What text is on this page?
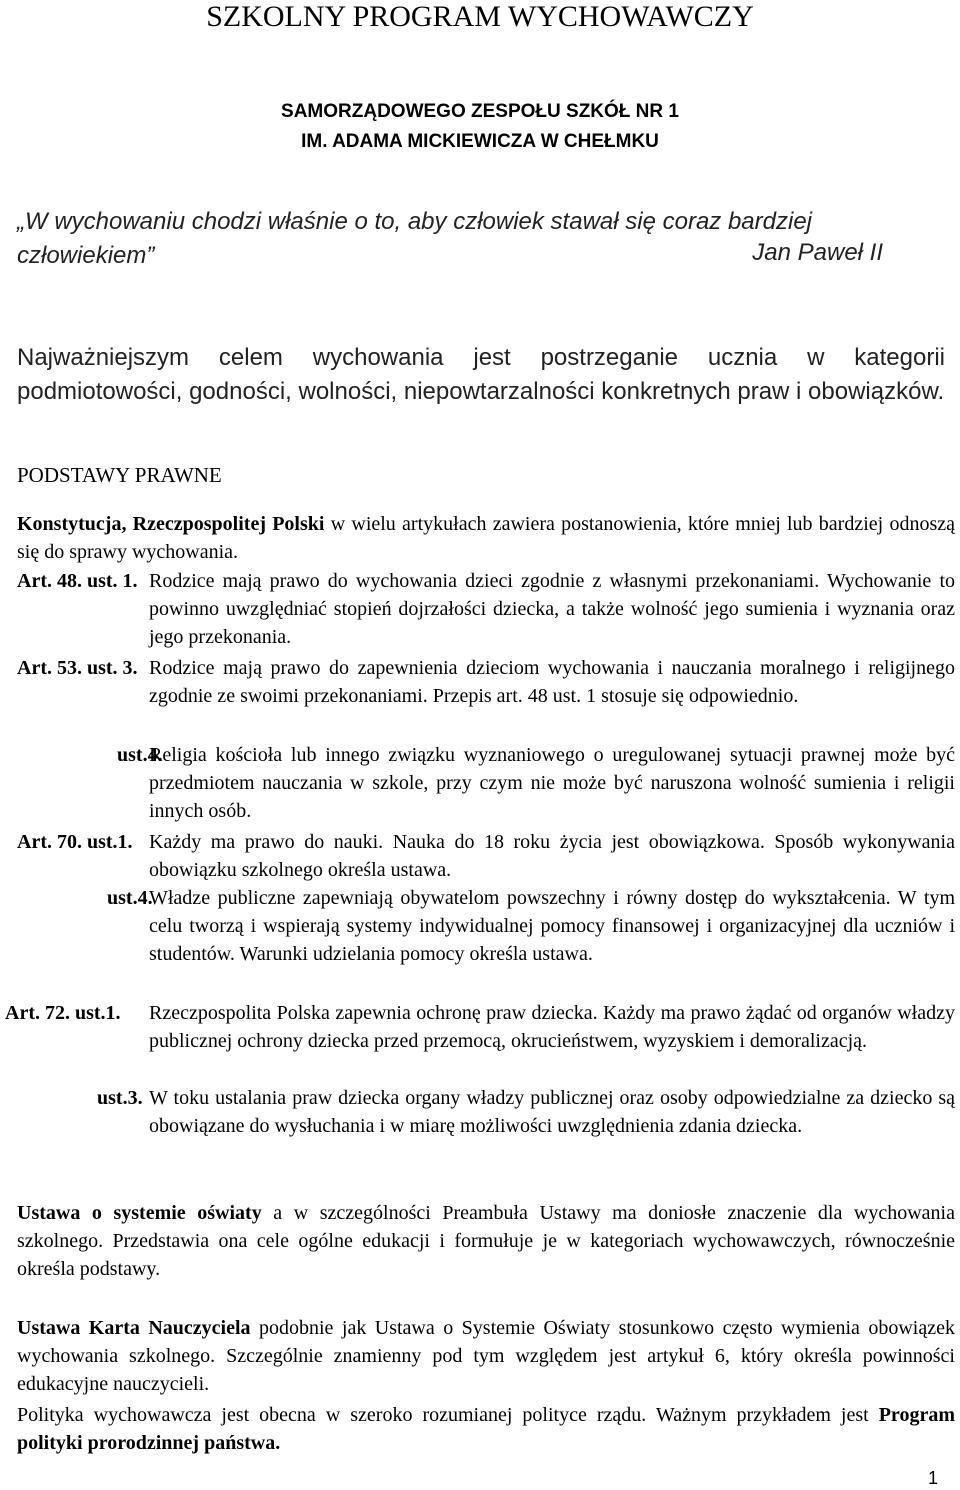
SZKOLNY PROGRAM WYCHOWAWCZY

SAMORZĄDOWEGO ZESPOŁU SZKÓŁ NR 1

IM. ADAMA MICKIEWICZA W CHEŁMKU

„W wychowaniu chodzi właśnie o to, aby człowiek stawał się coraz bardziej człowiekiem”	Jan Paweł II

Najważniejszym celem wychowania jest postrzeganie ucznia w kategorii podmiotowości, godności, wolności, niepowtarzalności konkretnych praw i obowiązków.

PODSTAWY PRAWNE

Konstytucja, Rzeczpospolitej Polski w wielu artykułach zawiera postanowienia, które mniej lub bardziej odnoszą się do sprawy wychowania.

Art. 48. ust. 1. Rodzice mają prawo do wychowania dzieci zgodnie z własnymi przekonaniami. Wychowanie to powinno uwzględniać stopień dojrzałości dziecka, a także wolność jego sumienia i wyznania oraz jego przekonania.

Art. 53. ust. 3. Rodzice mają prawo do zapewnienia dzieciom wychowania i nauczania moralnego i religijnego zgodnie ze swoimi przekonaniami. Przepis art. 48 ust. 1 stosuje się odpowiednio.

ust.4.

Religia kościoła lub innego związku wyznaniowego o uregulowanej sytuacji prawnej może być przedmiotem nauczania w szkole, przy czym nie może być naruszona wolność sumienia i religii innych osób.

Art. 70. ust.1. Każdy ma prawo do nauki. Nauka do 18 roku życia jest obowiązkowa. Sposób wykonywania obowiązku szkolnego określa ustawa.

ust.4.

Władze publiczne zapewniają obywatelom powszechny i równy dostęp do wykształcenia. W tym celu tworzą i wspierają systemy indywidualnej pomocy finansowej i organizacyjnej dla uczniów i studentów. Warunki udzielania pomocy określa ustawa.

Art. 72. ust.1. Rzeczpospolita Polska zapewnia ochronę praw dziecka. Każdy ma prawo żądać od organów władzy publicznej ochrony dziecka przed przemocą, okrucieństwem, wyzyskiem i demoralizacją.

ust.3. W toku ustalania praw dziecka organy władzy publicznej oraz osoby odpowiedzialne za dziecko są obowiązane do wysłuchania i w miarę możliwości uwzględnienia zdania dziecka.

Ustawa o systemie oświaty a w szczególności Preambuła Ustawy ma doniosłe znaczenie dla wychowania szkolnego. Przedstawia ona cele ogólne edukacji i formułuje je w kategoriach wychowawczych, równocześnie określa podstawy.

Ustawa Karta Nauczyciela podobnie jak Ustawa o Systemie Oświaty stosunkowo często wymienia obowiązek wychowania szkolnego. Szczególnie znamienny pod tym względem jest artykuł 6, który określa powinności edukacyjne nauczycieli.

Polityka wychowawcza jest obecna w szeroko rozumianej polityce rządu. Ważnym przykładem jest Program polityki prorodzinnej państwa.

1
